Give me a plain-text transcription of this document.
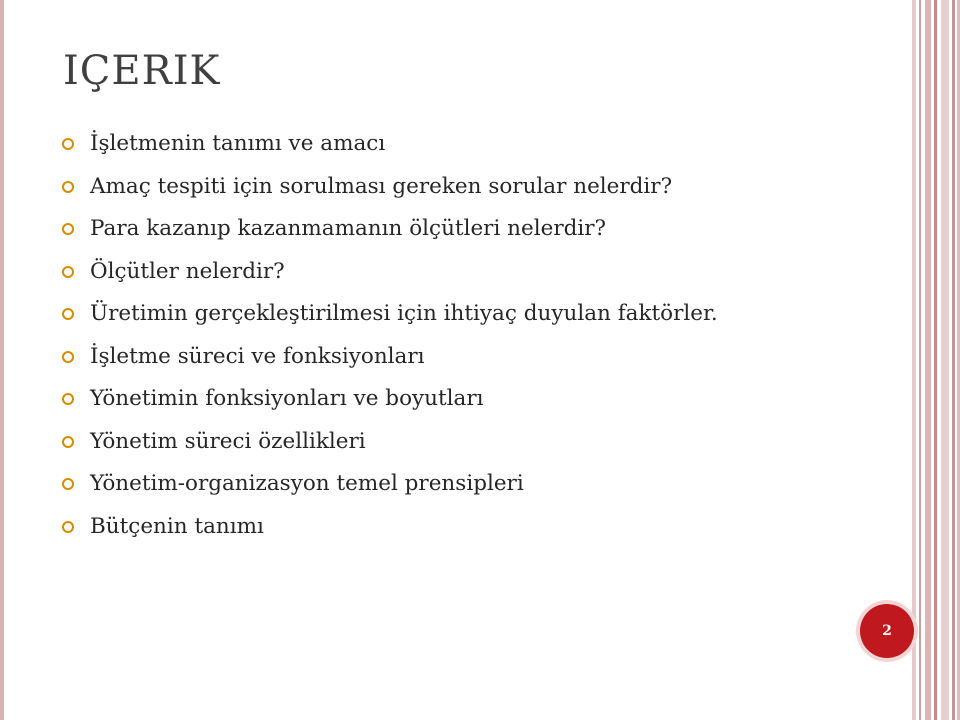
IÇERIK
İşletmenin tanımı ve amacı
Amaç tespiti için sorulması gereken sorular nelerdir?
Para kazanıp kazanmamanın ölçütleri nelerdir?
Ölçütler nelerdir?
Üretimin gerçekleştirilmesi için ihtiyaç duyulan faktörler.
İşletme süreci ve fonksiyonları
Yönetimin fonksiyonları ve boyutları
Yönetim süreci özellikleri
Yönetim-organizasyon temel prensipleri
Bütçenin tanımı
2
